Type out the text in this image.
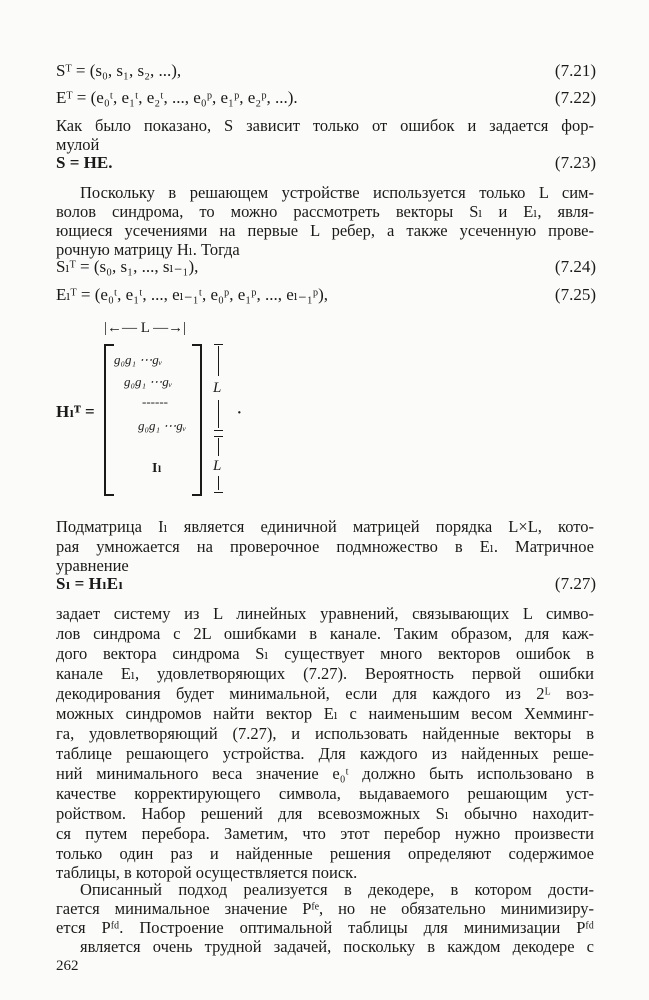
Sᵀ = (s₀, s₁, s₂, ...),	(7.21)
Eᵀ = (e₀ᵗ, e₁ᵗ, e₂ᵗ, ..., e₀ᵖ, e₁ᵖ, e₂ᵖ, ...).	(7.22)
Как было показано, S зависит только от ошибок и задается фор-
мулой
S = HE.	(7.23)
Поскольку в решающем устройстве используется только L сим-
волов синдрома, то можно рассмотреть векторы Sₗ и Eₗ, явля-
ющиеся усечениями на первые L ребер, а также усеченную прове-
рочную матрицу Hₗ. Тогда
Sₗᵀ = (s₀, s₁, ..., sₗ₋₁),	(7.24)
Eₗᵀ = (e₀ᵗ, e₁ᵗ, ..., eₗ₋₁ᵗ, e₀ᵖ, e₁ᵖ, ..., eₗ₋₁ᵖ),	(7.25)
|←— L —→|
Hₗᵀ =
g₀g₁ ⋯gᵥ
g₀g₁ ⋯gᵥ
------
g₀g₁ ⋯gᵥ
Iₗ
L
L
·
Подматрица Iₗ является единичной матрицей порядка L×L, кото-
рая умножается на проверочное подмножество в Eₗ. Матричное
уравнение
Sₗ = HₗEₗ	(7.27)
задает систему из L линейных уравнений, связывающих L симво-
лов синдрома с 2L ошибками в канале. Таким образом, для каж-
дого вектора синдрома Sₗ существует много векторов ошибок в
канале Eₗ, удовлетворяющих (7.27). Вероятность первой ошибки
декодирования будет минимальной, если для каждого из 2ᴸ воз-
можных синдромов найти вектор Eₗ с наименьшим весом Хемминг-
га, удовлетворяющий (7.27), и использовать найденные векторы в
таблице решающего устройства. Для каждого из найденных реше-
ний минимального веса значение e₀ᵗ должно быть использовано в
качестве корректирующего символа, выдаваемого решающим уст-
ройством. Набор решений для всевозможных Sₗ обычно находит-
ся путем перебора. Заметим, что этот перебор нужно произвести
только один раз и найденные решения определяют содержимое
таблицы, в которой осуществляется поиск.
Описанный подход реализуется в декодере, в котором дости-
гается минимальное значение Pᶠᵉ, но не обязательно минимизиру-
ется Pᶠᵈ. Построение оптимальной таблицы для минимизации Pᶠᵈ
является очень трудной задачей, поскольку в каждом декодере с
262
